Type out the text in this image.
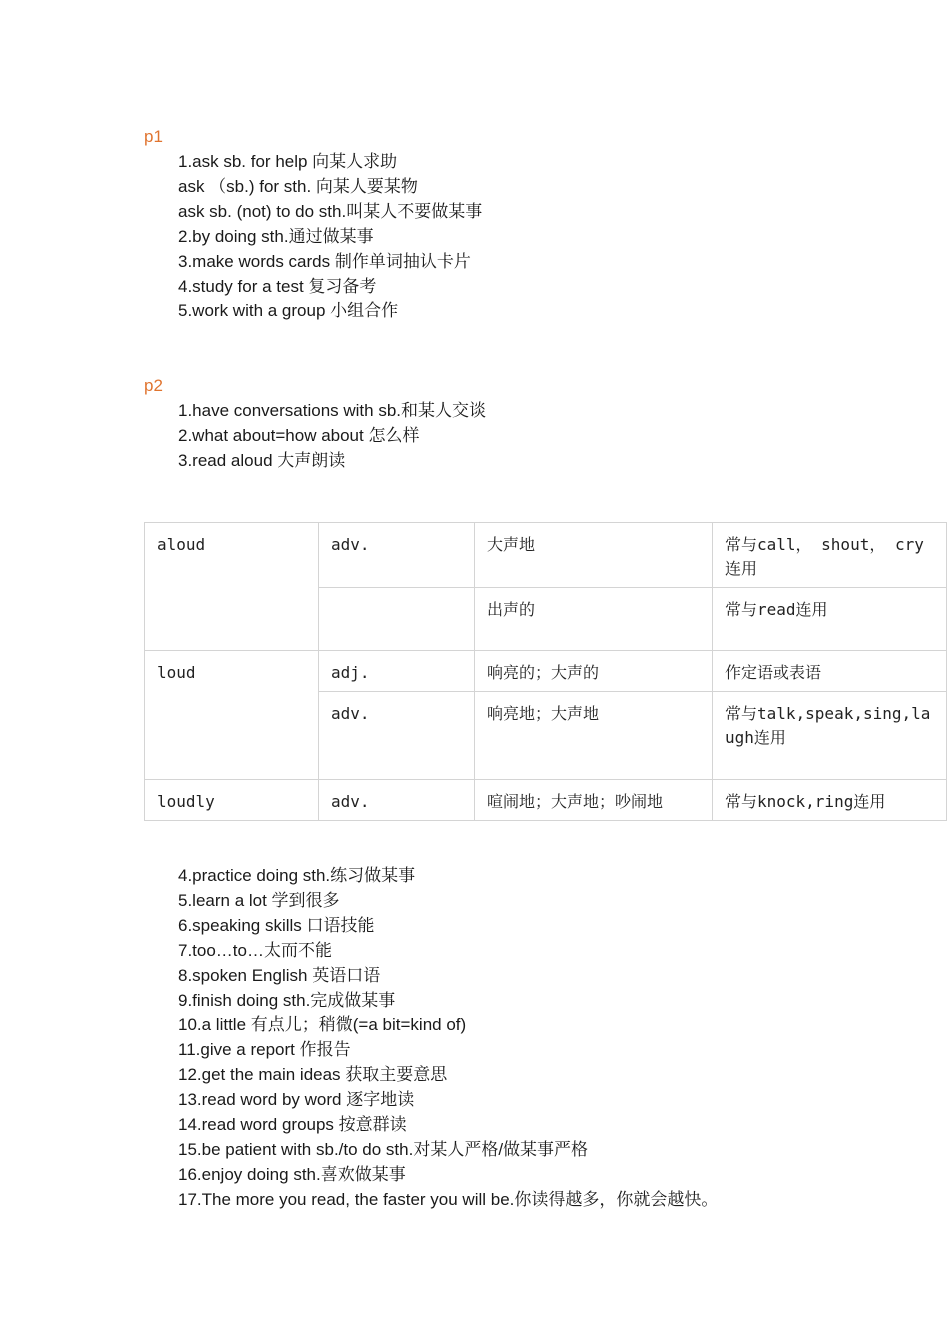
p1
1.ask sb. for help 向某人求助
ask （sb.) for sth. 向某人要某物
ask sb. (not) to do sth.叫某人不要做某事
2.by doing sth.通过做某事
3.make words cards 制作单词抽认卡片
4.study for a test 复习备考
5.work with a group 小组合作
p2
1.have conversations with sb.和某人交谈
2.what about=how about 怎么样
3.read aloud 大声朗读
aloud	adv.	大声地	常与call， shout， cry连用
		出声的	常与read连用
loud	adj.	响亮的；大声的	作定语或表语
	adv.	响亮地；大声地	常与talk,speak,sing,laugh连用
loudly	adv.	喧闹地；大声地；吵闹地	常与knock,ring连用
4.practice doing sth.练习做某事
5.learn a lot 学到很多
6.speaking skills 口语技能
7.too…to…太而不能
8.spoken English 英语口语
9.finish doing sth.完成做某事
10.a little 有点儿；稍微(=a bit=kind of)
11.give a report 作报告
12.get the main ideas 获取主要意思
13.read word by word 逐字地读
14.read word groups 按意群读
15.be patient with sb./to do sth.对某人严格/做某事严格
16.enjoy doing sth.喜欢做某事
17.The more you read, the faster you will be.你读得越多，你就会越快。
